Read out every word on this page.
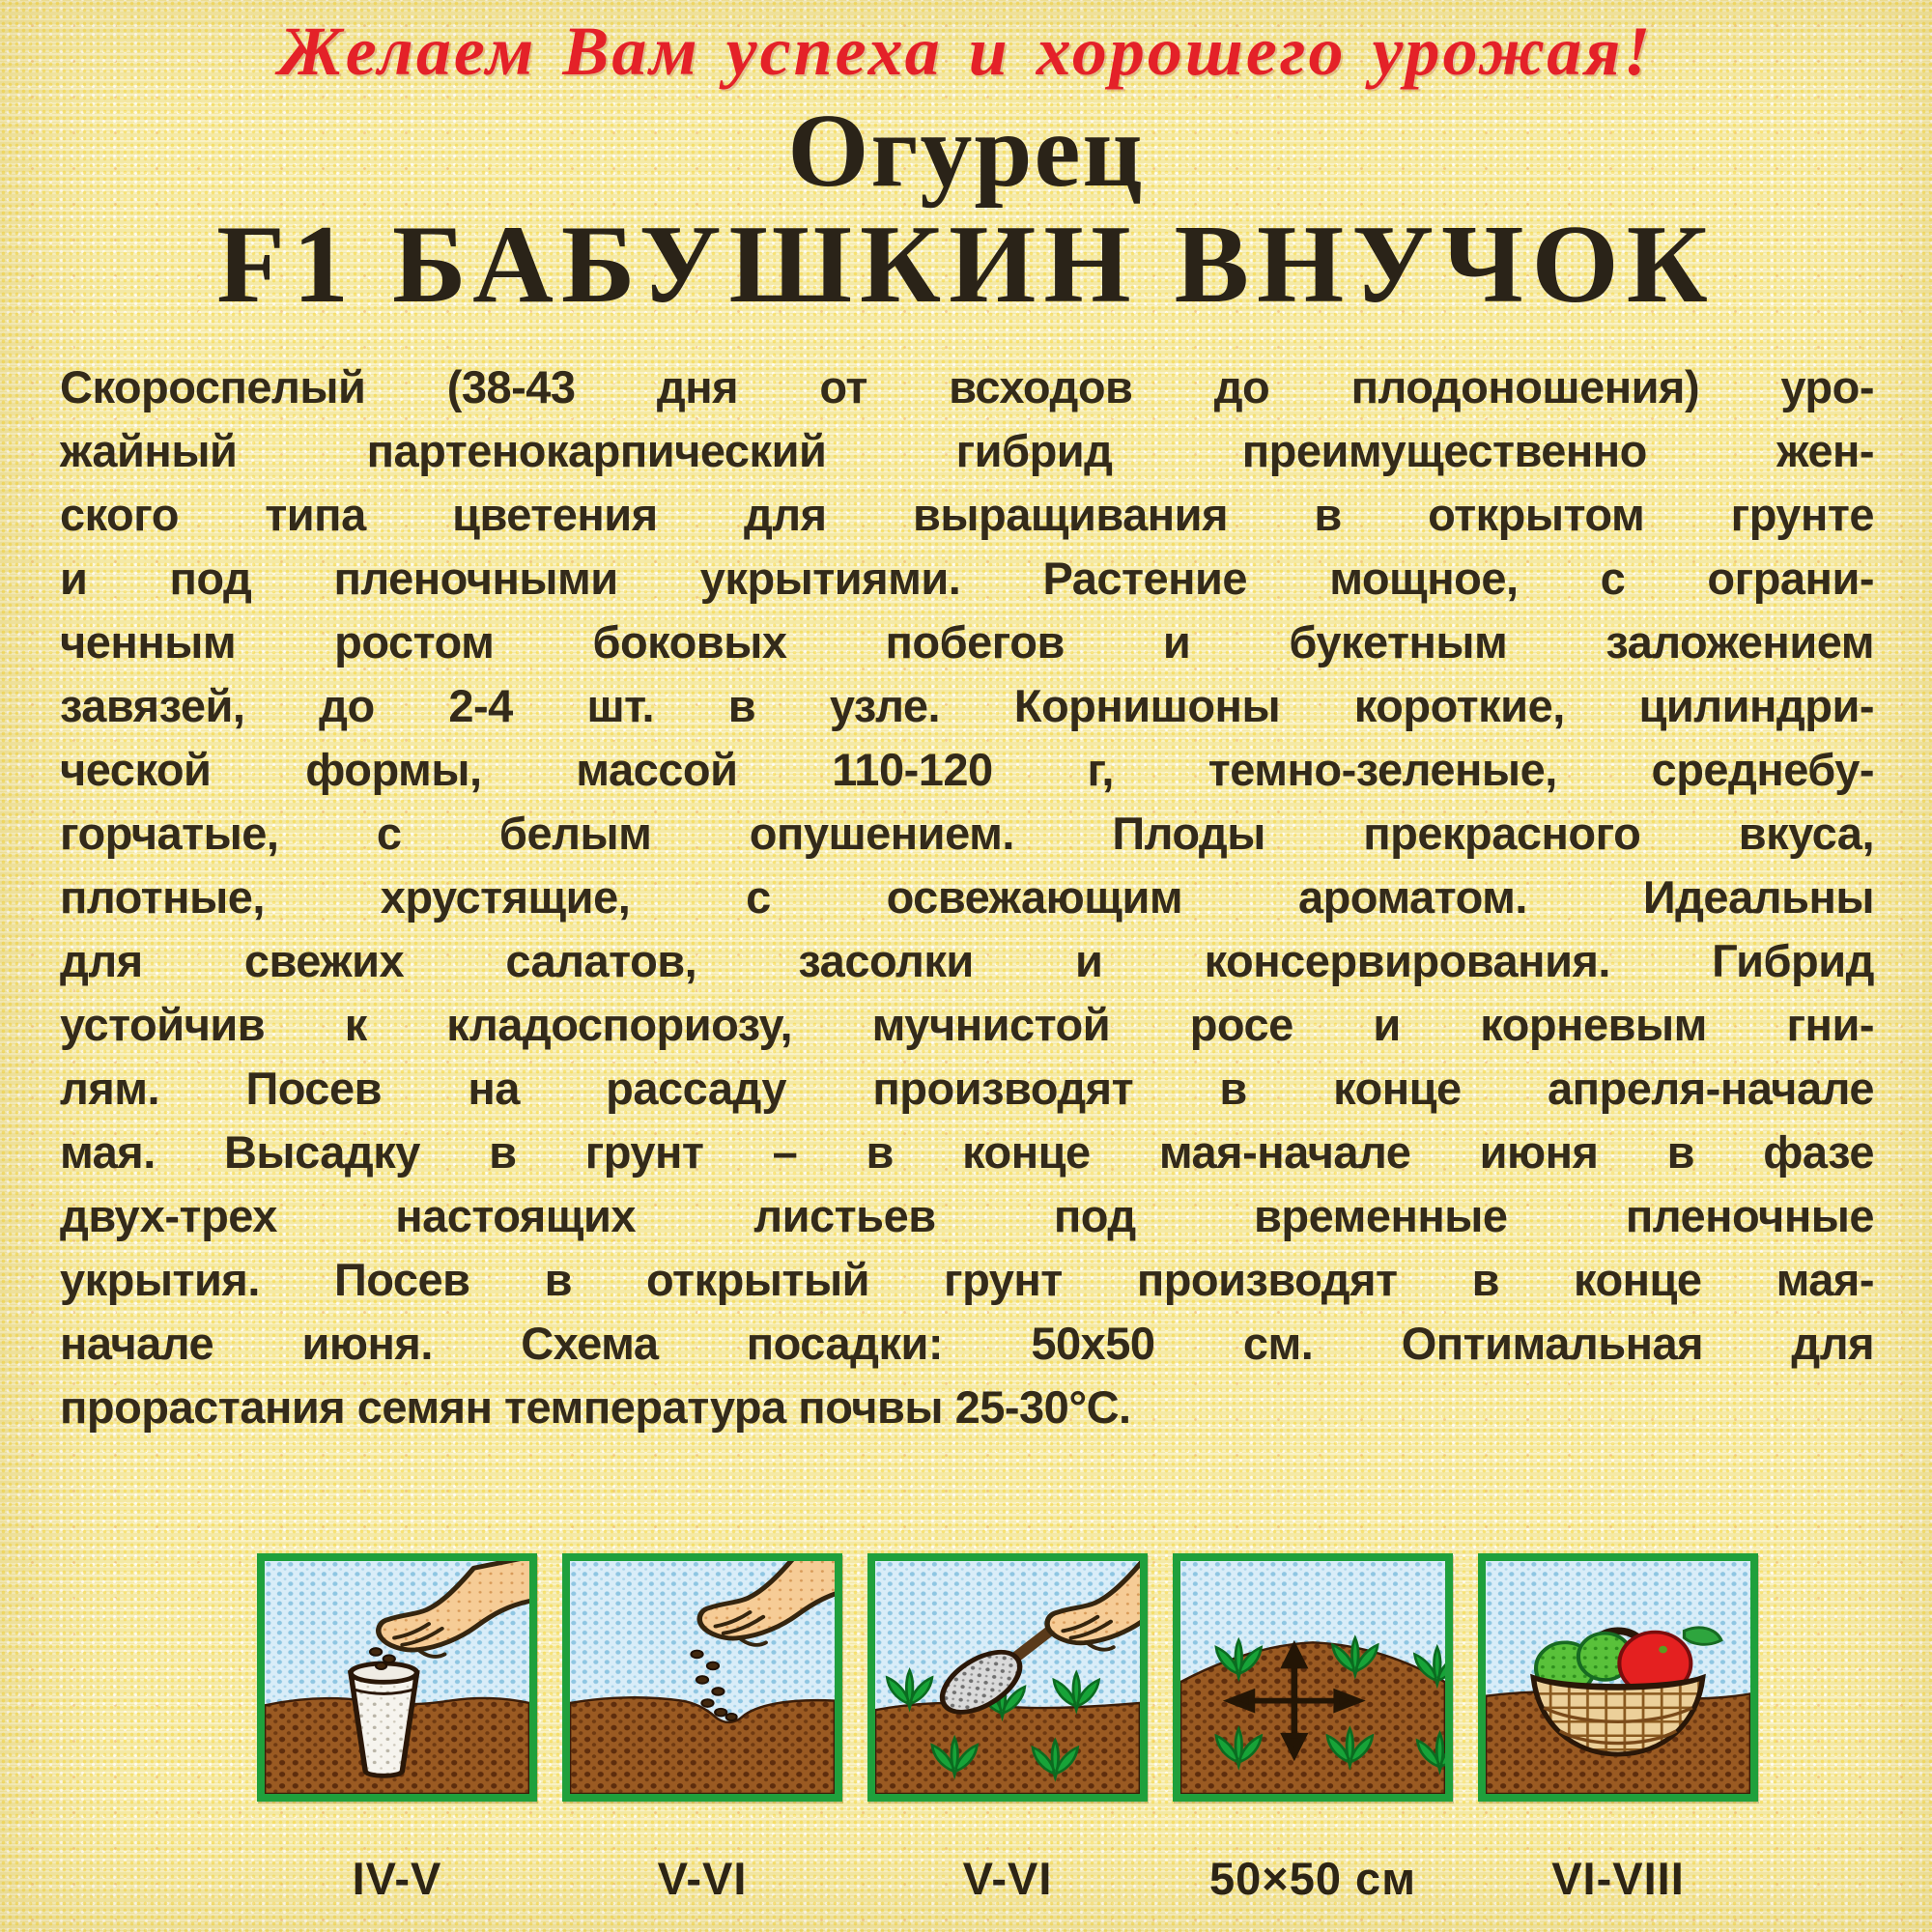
Желаем Вам успеха и хорошего урожая!
Огурец
F1 БАБУШКИН ВНУЧОК
Скороспелый (38-43 дня от всходов до плодоношения) уро-
жайный партенокарпический гибрид преимущественно жен-
ского типа цветения для выращивания в открытом грунте
и под пленочными укрытиями. Растение мощное, с ограни-
ченным ростом боковых побегов и букетным заложением
завязей, до 2-4 шт. в узле. Корнишоны короткие, цилиндри-
ческой формы, массой 110-120 г, темно-зеленые, среднебу-
горчатые, с белым опушением. Плоды прекрасного вкуса,
плотные, хрустящие, с освежающим ароматом. Идеальны
для свежих салатов, засолки и консервирования. Гибрид
устойчив к кладоспориозу, мучнистой росе и корневым гни-
лям. Посев на рассаду производят в конце апреля-начале
мая. Высадку в грунт – в конце мая-начале июня в фазе
двух-трех настоящих листьев под временные пленочные
укрытия. Посев в открытый грунт производят в конце мая-
начале июня. Схема посадки: 50х50 см. Оптимальная для
прорастания семян температура почвы 25-30°С.
IV-V	V-VI	V-VI	50×50 см	VI-VIII
